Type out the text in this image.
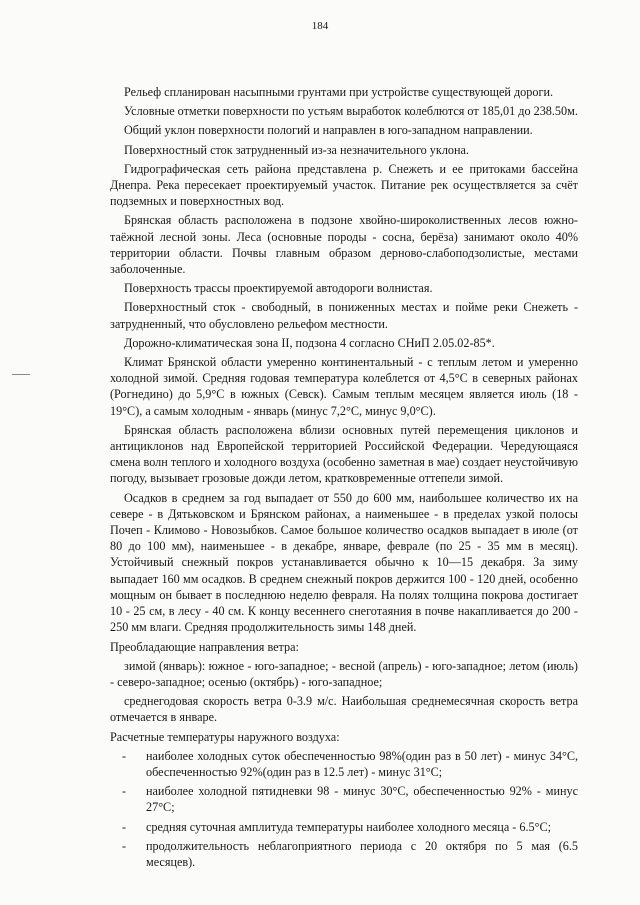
184

Рельеф спланирован насыпными грунтами при устройстве существующей дороги.

Условные отметки поверхности по устьям выработок колеблются от 185,01 до 238.50м.

Общий уклон поверхности пологий и направлен в юго-западном направлении.

Поверхностный сток затрудненный из-за незначительного уклона.

Гидрографическая сеть района представлена р. Снежеть и ее притоками бассейна Днепра. Река пересекает проектируемый участок. Питание рек осуществляется за счёт подземных и поверхностных вод.

Брянская область расположена в подзоне хвойно-широколиственных лесов южно-таёжной лесной зоны. Леса (основные породы - сосна, берёза) занимают около 40% территории области. Почвы главным образом дерново-слабоподзолистые, местами заболоченные.

Поверхность трассы проектируемой автодороги волнистая.

Поверхностный сток - свободный, в пониженных местах и пойме реки Снежеть - затрудненный, что обусловлено рельефом местности.

Дорожно-климатическая зона II, подзона 4 согласно СНиП 2.05.02-85*.

Климат Брянской области умеренно континентальный - с теплым летом и умеренно холодной зимой. Средняя годовая температура колеблется от 4,5°C в северных районах (Рогнедино) до 5,9°C в южных (Севск). Самым теплым месяцем является июль (18 - 19°C), а самым холодным - январь (минус 7,2°C, минус 9,0°C).

Брянская область расположена вблизи основных путей перемещения циклонов и антициклонов над Европейской территорией Российской Федерации. Чередующаяся смена волн теплого и холодного воздуха (особенно заметная в мае) создает неустойчивую погоду, вызывает грозовые дожди летом, кратковременные оттепели зимой.

Осадков в среднем за год выпадает от 550 до 600 мм, наибольшее количество их на севере - в Дятьковском и Брянском районах, а наименьшее - в пределах узкой полосы Почеп - Климово - Новозыбков. Самое большое количество осадков выпадает в июле (от 80 до 100 мм), наименьшее - в декабре, январе, феврале (по 25 - 35 мм в месяц). Устойчивый снежный покров устанавливается обычно к 10—15 декабря. За зиму выпадает 160 мм осадков. В среднем снежный покров держится 100 - 120 дней, особенно мощным он бывает в последнюю неделю февраля. На полях толщина покрова достигает 10 - 25 см, в лесу - 40 см. К концу весеннего снеготаяния в почве накапливается до 200 - 250 мм влаги. Средняя продолжительность зимы 148 дней.

Преобладающие направления ветра:

зимой (январь): южное - юго-западное; - весной (апрель) - юго-западное; летом (июль) - северо-западное; осенью (октябрь) - юго-западное;

среднегодовая скорость ветра 0-3.9 м/с. Наибольшая среднемесячная скорость ветра отмечается в январе.

Расчетные температуры наружного воздуха:

- наиболее холодных суток обеспеченностью 98%(один раз в 50 лет) - минус 34°C, обеспеченностью 92%(один раз в 12.5 лет) - минус 31°C;
- наиболее холодной пятидневки 98 - минус 30°C, обеспеченностью 92% - минус 27°C;
- средняя суточная амплитуда температуры наиболее холодного месяца - 6.5°C;
- продолжительность неблагоприятного периода с 20 октября по 5 мая (6.5 месяцев).
